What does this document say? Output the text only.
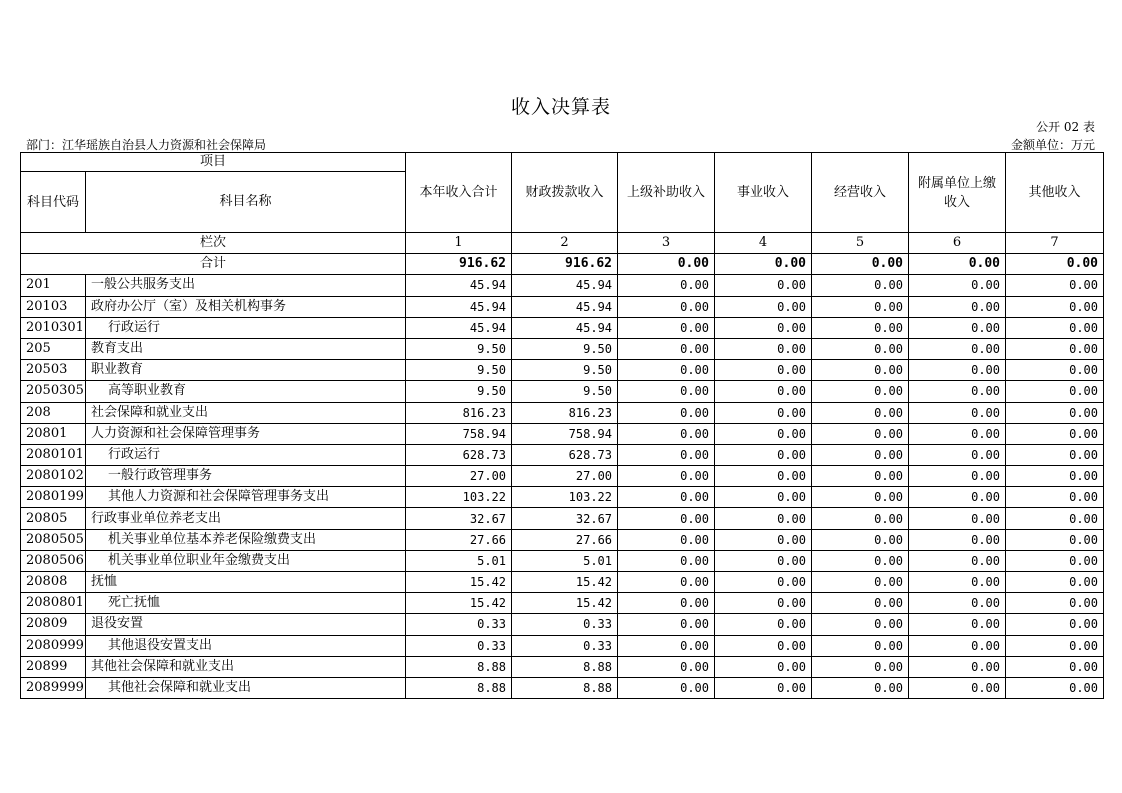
收入决算表
公开 02 表
部门：江华瑶族自治县人力资源和社会保障局	金额单位：万元
项目		本年收入合计	财政拨款收入	上级补助收入	事业收入	经营收入	附属单位上缴收入	其他收入
科目代码	科目名称							
栏次		1	2	3	4	5	6	7
合计		916.62	916.62	0.00	0.00	0.00	0.00	0.00
201	一般公共服务支出	45.94	45.94	0.00	0.00	0.00	0.00	0.00
20103	政府办公厅（室）及相关机构事务	45.94	45.94	0.00	0.00	0.00	0.00	0.00
2010301	行政运行	45.94	45.94	0.00	0.00	0.00	0.00	0.00
205	教育支出	9.50	9.50	0.00	0.00	0.00	0.00	0.00
20503	职业教育	9.50	9.50	0.00	0.00	0.00	0.00	0.00
2050305	高等职业教育	9.50	9.50	0.00	0.00	0.00	0.00	0.00
208	社会保障和就业支出	816.23	816.23	0.00	0.00	0.00	0.00	0.00
20801	人力资源和社会保障管理事务	758.94	758.94	0.00	0.00	0.00	0.00	0.00
2080101	行政运行	628.73	628.73	0.00	0.00	0.00	0.00	0.00
2080102	一般行政管理事务	27.00	27.00	0.00	0.00	0.00	0.00	0.00
2080199	其他人力资源和社会保障管理事务支出	103.22	103.22	0.00	0.00	0.00	0.00	0.00
20805	行政事业单位养老支出	32.67	32.67	0.00	0.00	0.00	0.00	0.00
2080505	机关事业单位基本养老保险缴费支出	27.66	27.66	0.00	0.00	0.00	0.00	0.00
2080506	机关事业单位职业年金缴费支出	5.01	5.01	0.00	0.00	0.00	0.00	0.00
20808	抚恤	15.42	15.42	0.00	0.00	0.00	0.00	0.00
2080801	死亡抚恤	15.42	15.42	0.00	0.00	0.00	0.00	0.00
20809	退役安置	0.33	0.33	0.00	0.00	0.00	0.00	0.00
2080999	其他退役安置支出	0.33	0.33	0.00	0.00	0.00	0.00	0.00
20899	其他社会保障和就业支出	8.88	8.88	0.00	0.00	0.00	0.00	0.00
2089999	其他社会保障和就业支出	8.88	8.88	0.00	0.00	0.00	0.00	0.00
